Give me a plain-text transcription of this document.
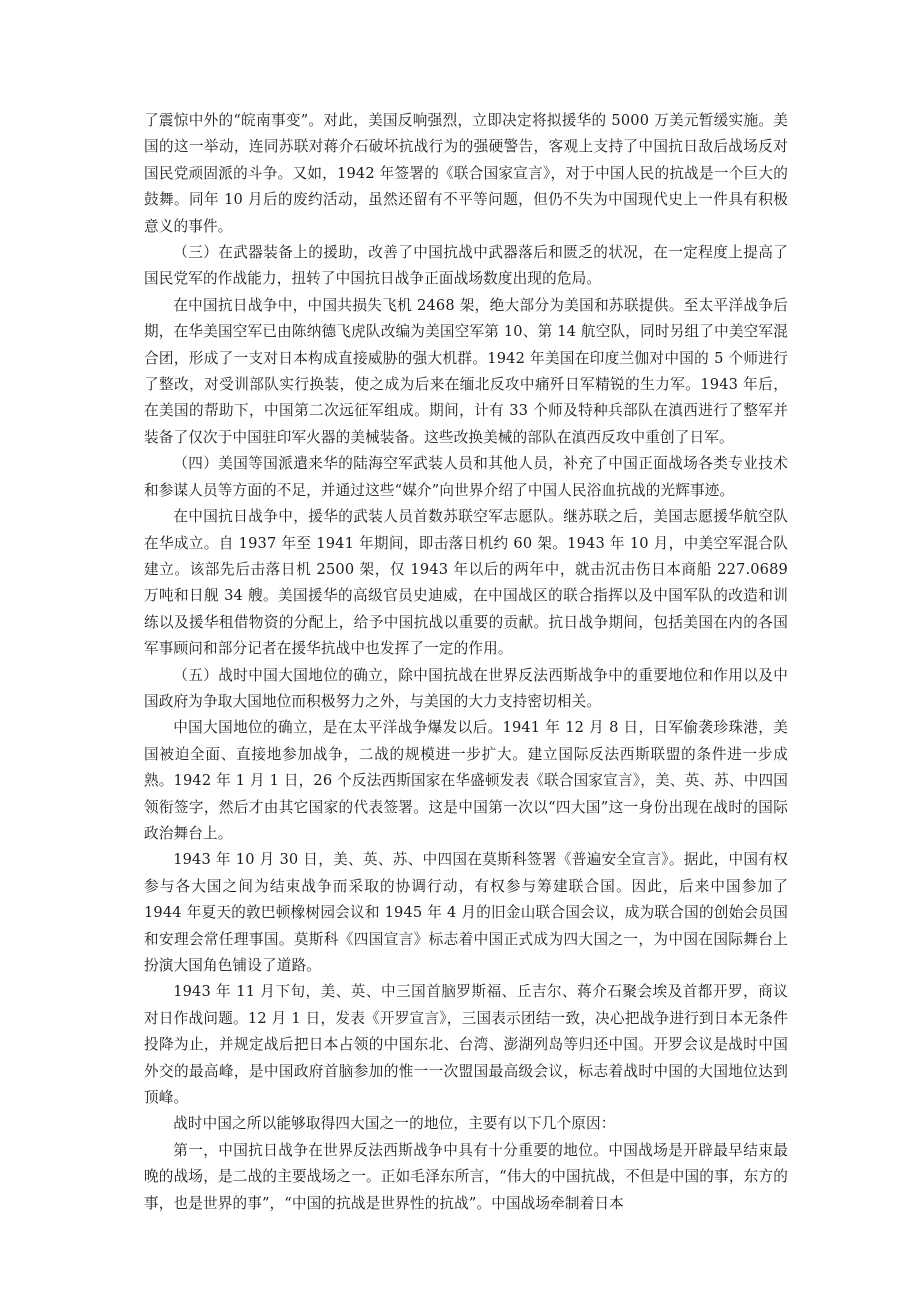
了震惊中外的“皖南事变”。对此，美国反响强烈，立即决定将拟援华的 5000 万美元暂缓实施。美国的这一举动，连同苏联对蒋介石破坏抗战行为的强硬警告，客观上支持了中国抗日敌后战场反对国民党顽固派的斗争。又如，1942 年签署的《联合国家宣言》，对于中国人民的抗战是一个巨大的鼓舞。同年 10 月后的废约活动，虽然还留有不平等问题，但仍不失为中国现代史上一件具有积极意义的事件。

（三）在武器装备上的援助，改善了中国抗战中武器落后和匮乏的状况，在一定程度上提高了国民党军的作战能力，扭转了中国抗日战争正面战场数度出现的危局。

在中国抗日战争中，中国共损失飞机 2468 架，绝大部分为美国和苏联提供。至太平洋战争后期，在华美国空军已由陈纳德飞虎队改编为美国空军第 10、第 14 航空队，同时另组了中美空军混合团，形成了一支对日本构成直接威胁的强大机群。1942 年美国在印度兰伽对中国的 5 个师进行了整改，对受训部队实行换装，使之成为后来在缅北反攻中痛歼日军精锐的生力军。1943 年后，在美国的帮助下，中国第二次远征军组成。期间，计有 33 个师及特种兵部队在滇西进行了整军并装备了仅次于中国驻印军火器的美械装备。这些改换美械的部队在滇西反攻中重创了日军。

（四）美国等国派遣来华的陆海空军武装人员和其他人员，补充了中国正面战场各类专业技术和参谋人员等方面的不足，并通过这些“媒介”向世界介绍了中国人民浴血抗战的光辉事迹。

在中国抗日战争中，援华的武装人员首数苏联空军志愿队。继苏联之后，美国志愿援华航空队在华成立。自 1937 年至 1941 年期间，即击落日机约 60 架。1943 年 10 月，中美空军混合队建立。该部先后击落日机 2500 架，仅 1943 年以后的两年中，就击沉击伤日本商船 227.0689 万吨和日舰 34 艘。美国援华的高级官员史迪威，在中国战区的联合指挥以及中国军队的改造和训练以及援华租借物资的分配上，给予中国抗战以重要的贡献。抗日战争期间，包括美国在内的各国军事顾问和部分记者在援华抗战中也发挥了一定的作用。

（五）战时中国大国地位的确立，除中国抗战在世界反法西斯战争中的重要地位和作用以及中国政府为争取大国地位而积极努力之外，与美国的大力支持密切相关。

中国大国地位的确立，是在太平洋战争爆发以后。1941 年 12 月 8 日，日军偷袭珍珠港，美国被迫全面、直接地参加战争，二战的规模进一步扩大。建立国际反法西斯联盟的条件进一步成熟。1942 年 1 月 1 日，26 个反法西斯国家在华盛顿发表《联合国家宣言》，美、英、苏、中四国领衔签字，然后才由其它国家的代表签署。这是中国第一次以“四大国”这一身份出现在战时的国际政治舞台上。

1943 年 10 月 30 日，美、英、苏、中四国在莫斯科签署《普遍安全宣言》。据此，中国有权参与各大国之间为结束战争而采取的协调行动，有权参与筹建联合国。因此，后来中国参加了 1944 年夏天的敦巴顿橡树园会议和 1945 年 4 月的旧金山联合国会议，成为联合国的创始会员国和安理会常任理事国。莫斯科《四国宣言》标志着中国正式成为四大国之一，为中国在国际舞台上扮演大国角色铺设了道路。

1943 年 11 月下旬，美、英、中三国首脑罗斯福、丘吉尔、蒋介石聚会埃及首都开罗，商议对日作战问题。12 月 1 日，发表《开罗宣言》，三国表示团结一致，决心把战争进行到日本无条件投降为止，并规定战后把日本占领的中国东北、台湾、澎湖列岛等归还中国。开罗会议是战时中国外交的最高峰，是中国政府首脑参加的惟一一次盟国最高级会议，标志着战时中国的大国地位达到顶峰。

战时中国之所以能够取得四大国之一的地位，主要有以下几个原因：

第一，中国抗日战争在世界反法西斯战争中具有十分重要的地位。中国战场是开辟最早结束最晚的战场，是二战的主要战场之一。正如毛泽东所言，“伟大的中国抗战，不但是中国的事，东方的事，也是世界的事”，“中国的抗战是世界性的抗战”。中国战场牵制着日本
